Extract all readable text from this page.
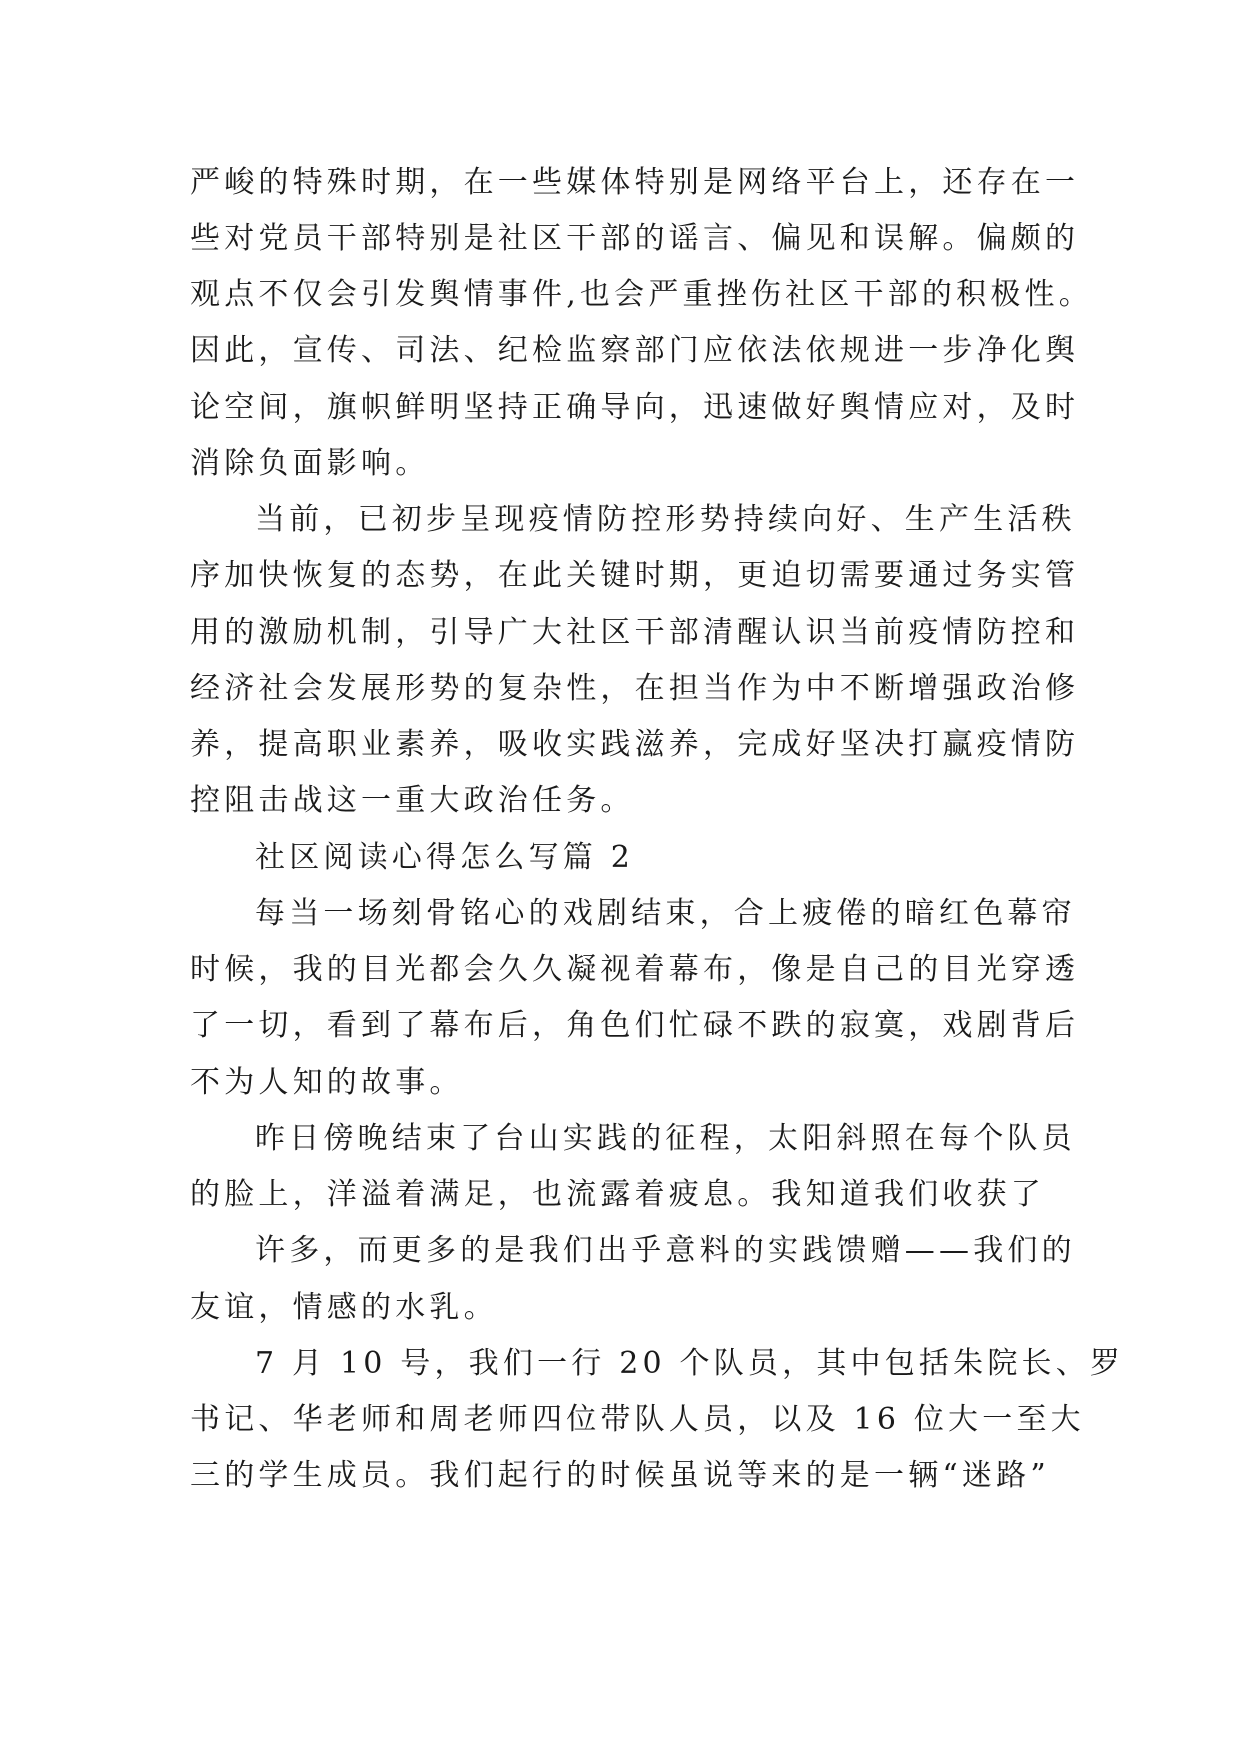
严峻的特殊时期，在一些媒体特别是网络平台上，还存在一
些对党员干部特别是社区干部的谣言、偏见和误解。偏颇的
观点不仅会引发舆情事件,也会严重挫伤社区干部的积极性。
因此，宣传、司法、纪检监察部门应依法依规进一步净化舆
论空间，旗帜鲜明坚持正确导向，迅速做好舆情应对，及时
消除负面影响。
当前，已初步呈现疫情防控形势持续向好、生产生活秩
序加快恢复的态势，在此关键时期，更迫切需要通过务实管
用的激励机制，引导广大社区干部清醒认识当前疫情防控和
经济社会发展形势的复杂性，在担当作为中不断增强政治修
养，提高职业素养，吸收实践滋养，完成好坚决打赢疫情防
控阻击战这一重大政治任务。
社区阅读心得怎么写篇 2
每当一场刻骨铭心的戏剧结束，合上疲倦的暗红色幕帘
时候，我的目光都会久久凝视着幕布，像是自己的目光穿透
了一切，看到了幕布后，角色们忙碌不跌的寂寞，戏剧背后
不为人知的故事。
昨日傍晚结束了台山实践的征程，太阳斜照在每个队员
的脸上，洋溢着满足，也流露着疲息。我知道我们收获了
许多，而更多的是我们出乎意料的实践馈赠——我们的
友谊，情感的水乳。
7 月 10 号，我们一行 20 个队员，其中包括朱院长、罗
书记、华老师和周老师四位带队人员，以及 16 位大一至大
三的学生成员。我们起行的时候虽说等来的是一辆“迷路”
